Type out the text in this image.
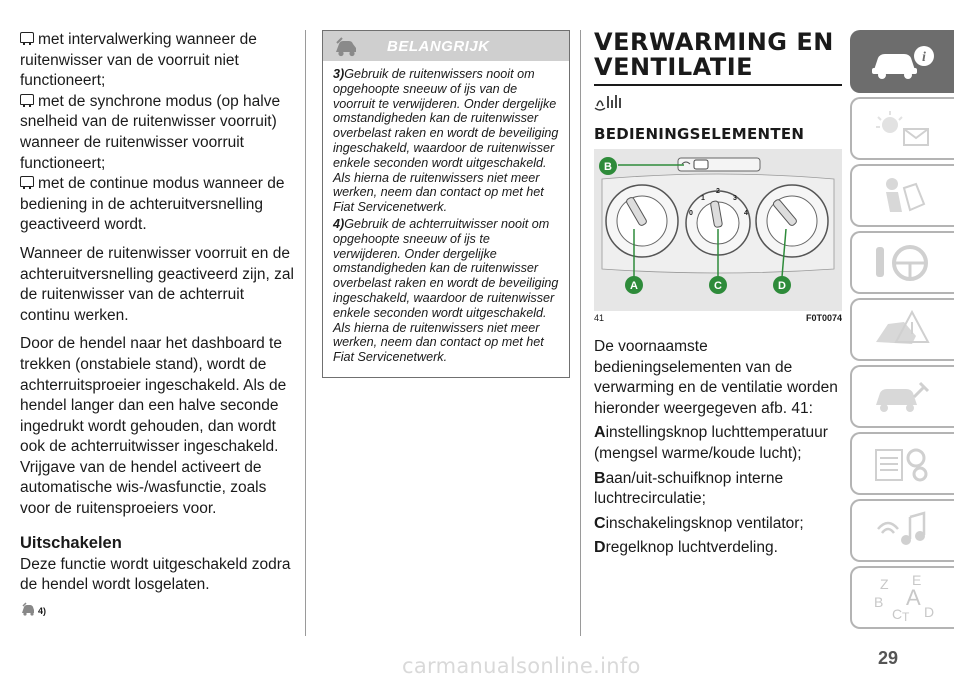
met intervalwerking wanneer de ruitenwisser van de voorruit niet functioneert;

met de synchrone modus (op halve snelheid van de ruitenwisser voorruit) wanneer de ruitenwisser voorruit functioneert;

met de continue modus wanneer de bediening in de achteruitversnelling geactiveerd wordt.

Wanneer de ruitenwisser voorruit en de achteruitversnelling geactiveerd zijn, zal de ruitenwisser van de achterruit continu werken.

Door de hendel naar het dashboard te trekken (onstabiele stand), wordt de achterruitsproeier ingeschakeld. Als de hendel langer dan een halve seconde ingedrukt wordt gehouden, dan wordt ook de achterruitwisser ingeschakeld. Vrijgave van de hendel activeert de automatische wis-/wasfunctie, zoals voor de ruitensproeiers voor.

Uitschakelen

Deze functie wordt uitgeschakeld zodra de hendel wordt losgelaten.

4)
BELANGRIJK

3)Gebruik de ruitenwissers nooit om opgehoopte sneeuw of ijs van de voorruit te verwijderen. Onder dergelijke omstandigheden kan de ruitenwisser overbelast raken en wordt de beveiliging ingeschakeld, waardoor de ruitenwisser enkele seconden wordt uitgeschakeld. Als hierna de ruitenwissers niet meer werken, neem dan contact op met het Fiat Servicenetwerk.

4)Gebruik de achterruitwisser nooit om opgehoopte sneeuw of ijs te verwijderen. Onder dergelijke omstandigheden kan de ruitenwisser overbelast raken en wordt de beveiliging ingeschakeld, waardoor de ruitenwisser enkele seconden wordt uitgeschakeld. Als hierna de ruitenwissers niet meer werken, neem dan contact op met het Fiat Servicenetwerk.

VERWARMING EN
VENTILATIE
BEDIENINGSELEMENTEN
0
1
2
3
4
B
A	C	D
41	F0T0074

De voornaamste bedieningselementen van de verwarming en de ventilatie worden hieronder weergegeven afb. 41:

Ainstellingsknop luchttemperatuur (mengsel warme/koude lucht);

Baan/uit-schuifknop interne luchtrecirculatie;

Cinschakelingsknop ventilator;

Dregelknop luchtverdeling.

i
Z E
B A
C T D
29
carmanualsonline.info
